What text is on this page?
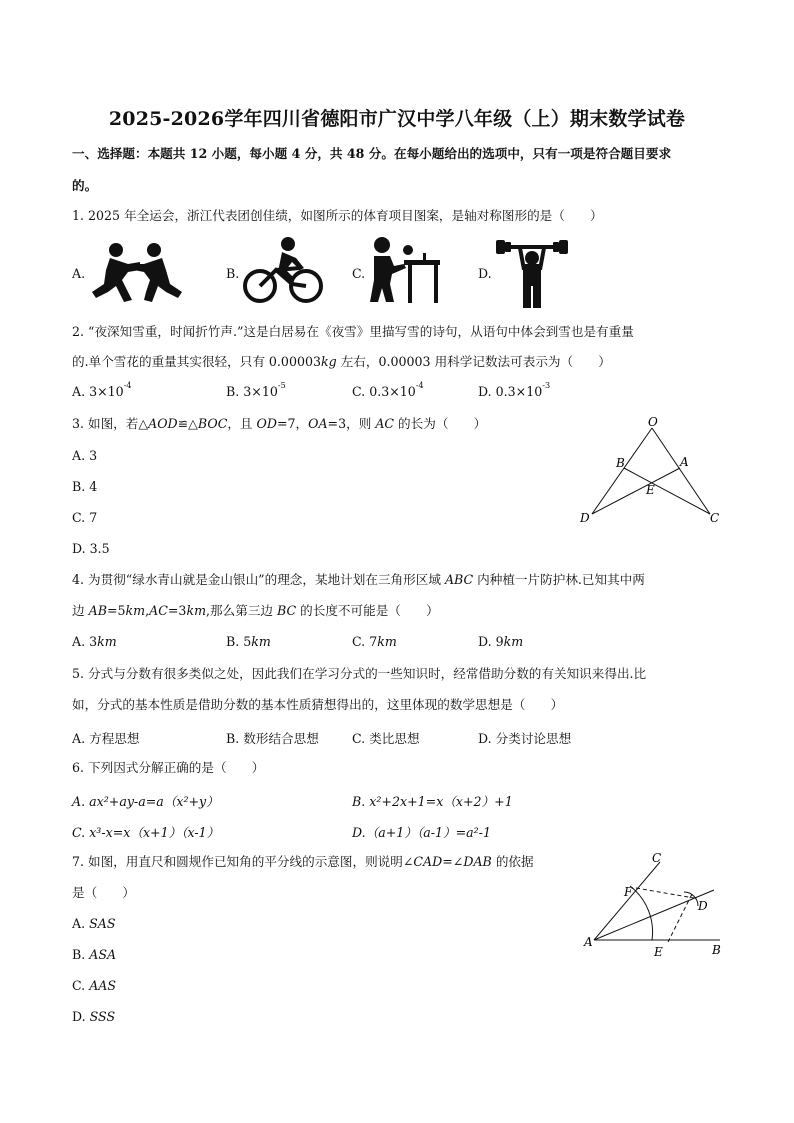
2025-2026学年四川省德阳市广汉中学八年级（上）期末数学试卷
一、选择题：本题共 12 小题，每小题 4 分，共 48 分。在每小题给出的选项中，只有一项是符合题目要求
的。
1. 2025 年全运会，浙江代表团创佳绩，如图所示的体育项目图案，是轴对称图形的是（　　）
A.	B.	C.	D.
2. “夜深知雪重，时闻折竹声.”这是白居易在《夜雪》里描写雪的诗句，从语句中体会到雪也是有重量
的.单个雪花的重量其实很轻，只有 0.00003kg 左右，0.00003 用科学记数法可表示为（　　）
A. $3\times 10^{-4}$	B. $3\times 10^{-5}$	C. $0.3\times 10^{-4}$	D. $0.3\times 10^{-3}$
3. 如图，若△AOD≌△BOC，且 OD=7，OA=3，则 AC 的长为（　　）
A. 3
B. 4
C. 7
D. 3.5
O
B	A
E
D	C
4. 为贯彻“绿水青山就是金山银山”的理念，某地计划在三角形区域 ABC 内种植一片防护林.已知其中两
边 AB=5km,AC=3km,那么第三边 BC 的长度不可能是（　　）
A. 3km	B. 5km	C. 7km	D. 9km
5. 分式与分数有很多类似之处，因此我们在学习分式的一些知识时，经常借助分数的有关知识来得出.比
如，分式的基本性质是借助分数的基本性质猜想得出的，这里体现的数学思想是（　　）
A. 方程思想	B. 数形结合思想	C. 类比思想	D. 分类讨论思想
6. 下列因式分解正确的是（　　）
A. ax²+ay-a=a（x²+y）	B. x²+2x+1=x（x+2）+1
C. x³-x=x（x+1）（x-1）	D.（a+1）（a-1）=a²-1
7. 如图，用直尺和圆规作已知角的平分线的示意图，则说明∠CAD=∠DAB 的依据
是（　　）
A. SAS
B. ASA
C. AAS
D. SSS
C
F
D
A
E	B
